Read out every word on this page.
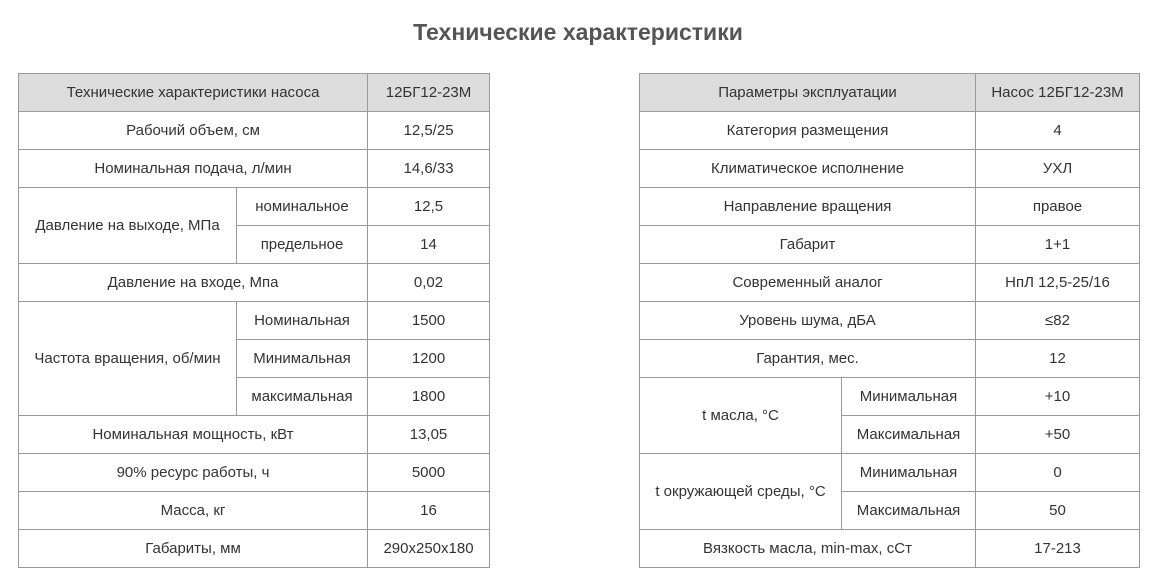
Технические характеристики
Технические характеристики насоса		12БГ12-23М
Рабочий объем, см		12,5/25
Номинальная подача, л/мин		14,6/33
Давление на выходе, МПа	номинальное	12,5
	предельное	14
Давление на входе, Мпа		0,02
Частота вращения, об/мин	Номинальная	1500
	Минимальная	1200
	максимальная	1800
Номинальная мощность, кВт		13,05
90% ресурс работы, ч		5000
Масса, кг		16
Габариты, мм		290х250х180
Параметры эксплуатации		Насос 12БГ12-23М
Категория размещения		4
Климатическое исполнение		УХЛ
Направление вращения		правое
Габарит		1+1
Современный аналог		НпЛ 12,5-25/16
Уровень шума, дБА		≤82
Гарантия, мес.		12
t масла, °С	Минимальная	+10
	Максимальная	+50
t окружающей среды, °С	Минимальная	0
	Максимальная	50
Вязкость масла, min-max, сСт		17-213
